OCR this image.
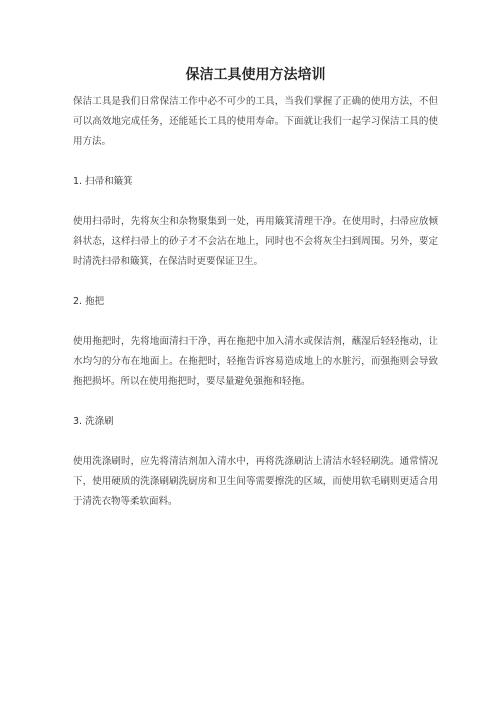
保洁工具使用方法培训

保洁工具是我们日常保洁工作中必不可少的工具，当我们掌握了正确的使用方法，不但可以高效地完成任务，还能延长工具的使用寿命。下面就让我们一起学习保洁工具的使用方法。

1. 扫帚和簸箕

使用扫帚时，先将灰尘和杂物聚集到一处，再用簸箕清理干净。在使用时，扫帚应放倾斜状态，这样扫帚上的砂子才不会沾在地上，同时也不会将灰尘扫到周围。另外，要定时清洗扫帚和簸箕，在保洁时更要保证卫生。

2. 拖把

使用拖把时，先将地面清扫干净，再在拖把中加入清水或保洁剂，蘸湿后轻轻拖动，让水均匀的分布在地面上。在拖把时，轻拖告诉容易造成地上的水脏污，而强拖则会导致拖把损坏。所以在使用拖把时，要尽量避免强拖和轻拖。

3. 洗涤刷

使用洗涤刷时，应先将清洁剂加入清水中，再将洗涤刷沾上清洁水轻轻刷洗。通常情况下，使用硬质的洗涤刷刷洗厨房和卫生间等需要擦洗的区域，而使用软毛刷则更适合用于清洗衣物等柔软面料。
